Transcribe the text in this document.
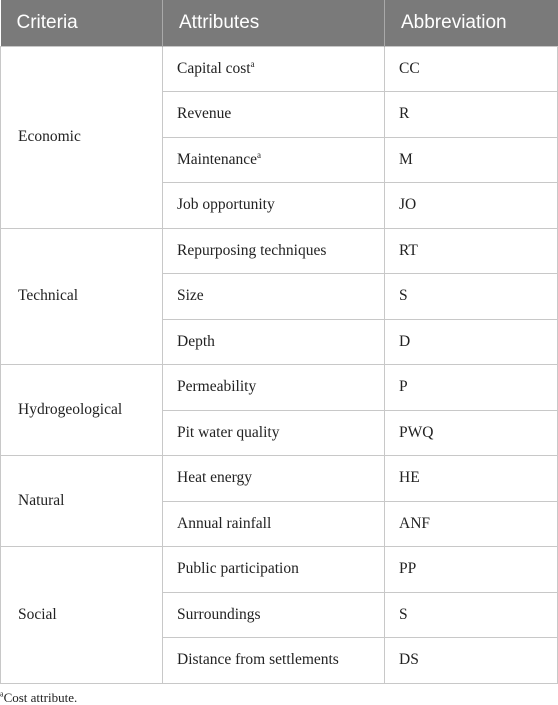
Criteria	Attributes	Abbreviation
Economic	Capital cost$^a$	CC
	Revenue	R
	Maintenance$^a$	M
	Job opportunity	JO
Technical	Repurposing techniques	RT
	Size	S
	Depth	D
Hydrogeological	Permeability	P
	Pit water quality	PWQ
Natural	Heat energy	HE
	Annual rainfall	ANF
Social	Public participation	PP
	Surroundings	S
	Distance from settlements	DS
$^a$Cost attribute.
